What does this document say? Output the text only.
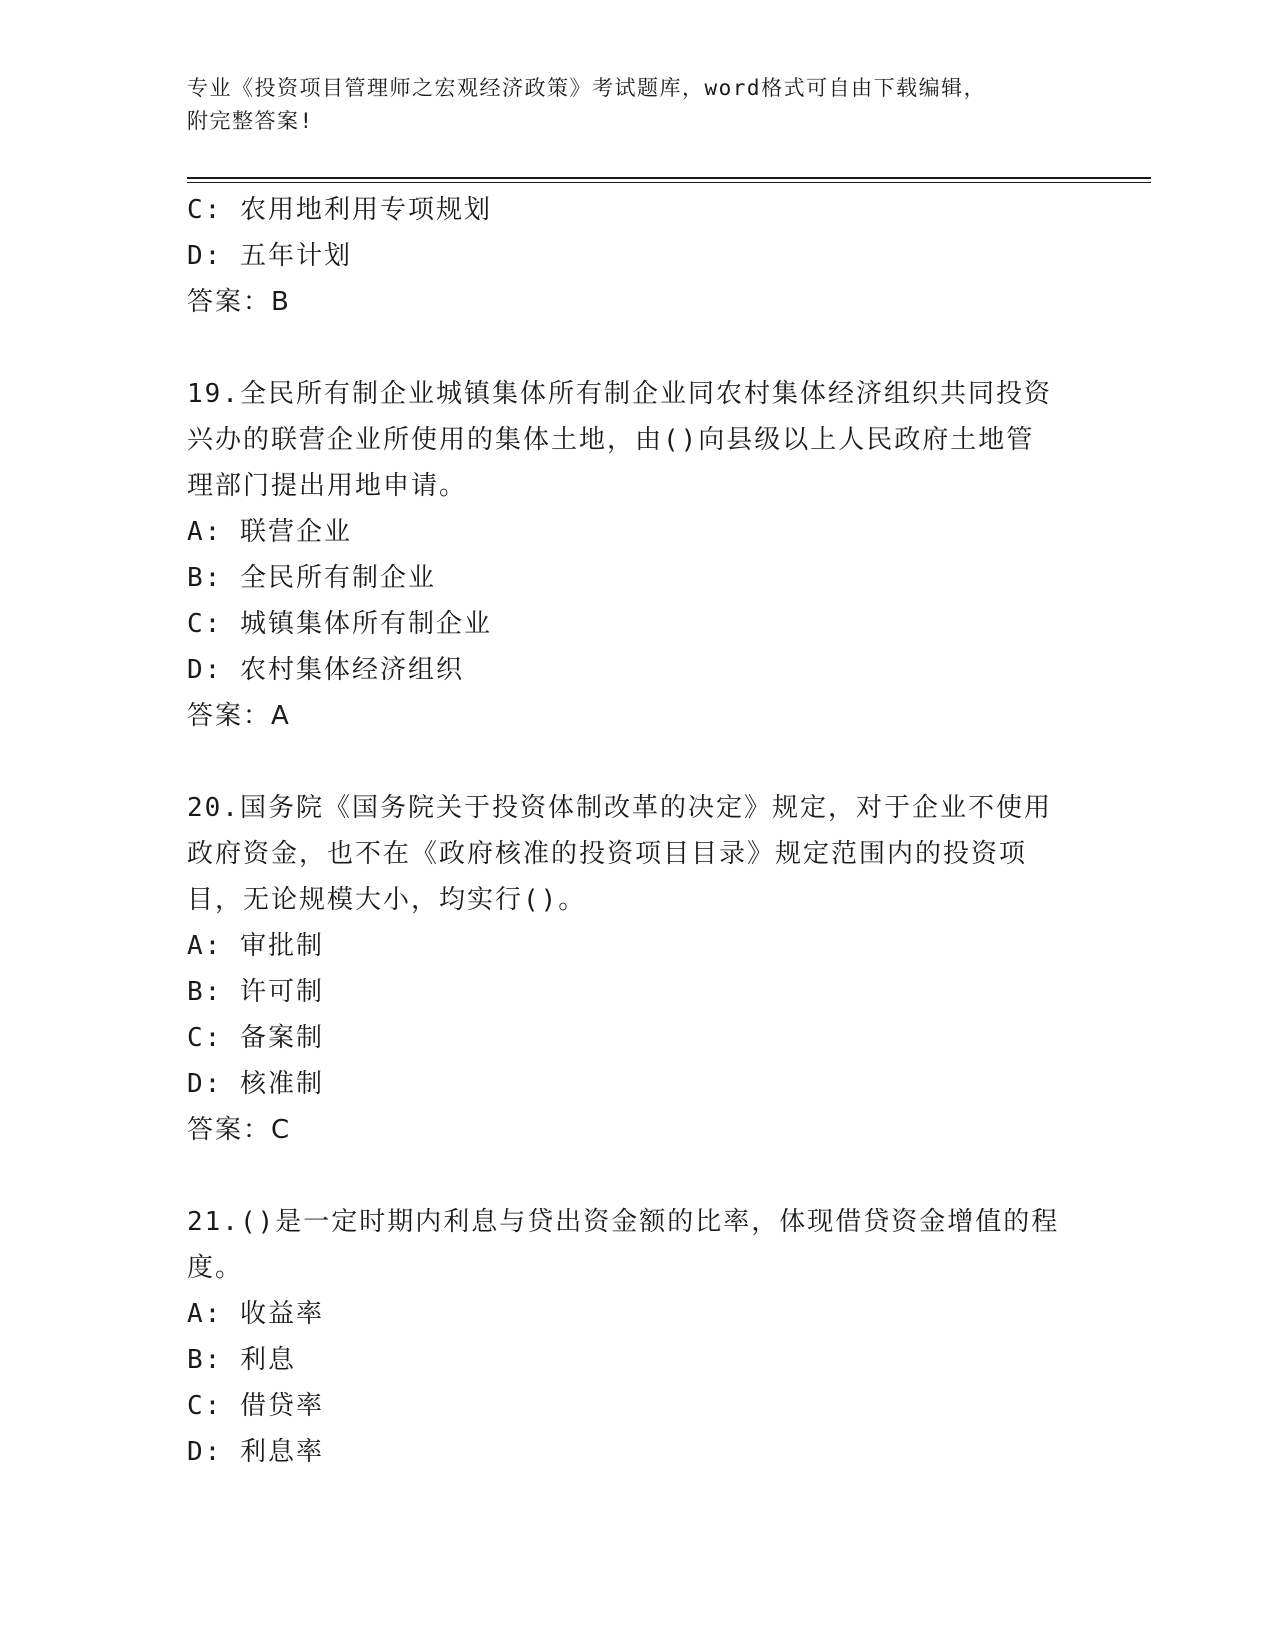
专业《投资项目管理师之宏观经济政策》考试题库，word格式可自由下载编辑，
附完整答案!
C: 农用地利用专项规划
D: 五年计划
答案：B
19.全民所有制企业城镇集体所有制企业同农村集体经济组织共同投资
兴办的联营企业所使用的集体土地，由()向县级以上人民政府土地管
理部门提出用地申请。
A: 联营企业
B: 全民所有制企业
C: 城镇集体所有制企业
D: 农村集体经济组织
答案：A
20.国务院《国务院关于投资体制改革的决定》规定，对于企业不使用
政府资金，也不在《政府核准的投资项目目录》规定范围内的投资项
目，无论规模大小，均实行()。
A: 审批制
B: 许可制
C: 备案制
D: 核准制
答案：C
21.()是一定时期内利息与贷出资金额的比率，体现借贷资金增值的程
度。
A: 收益率
B: 利息
C: 借贷率
D: 利息率
